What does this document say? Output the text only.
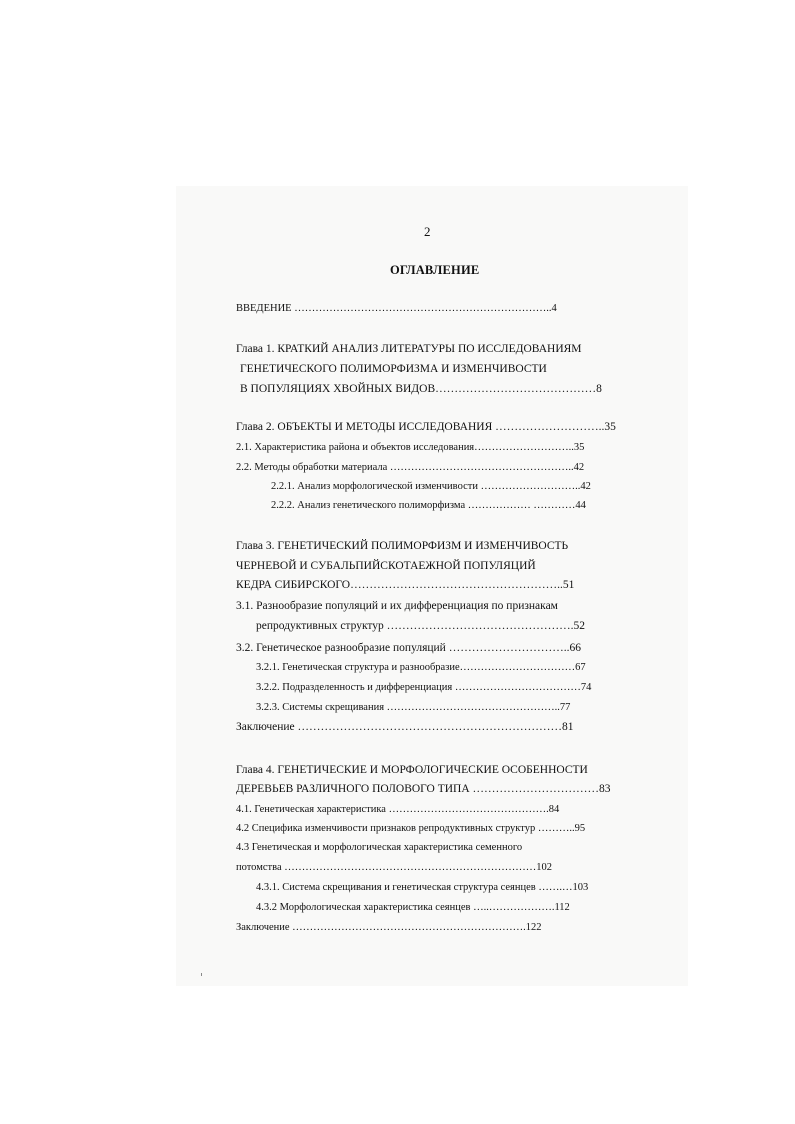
2
ОГЛАВЛЕНИЕ
ВВЕДЕНИЕ ………………………………………………………………..4
Глава 1. КРАТКИЙ АНАЛИЗ ЛИТЕРАТУРЫ ПО ИССЛЕДОВАНИЯМ
ГЕНЕТИЧЕСКОГО ПОЛИМОРФИЗМА И ИЗМЕНЧИВОСТИ
В ПОПУЛЯЦИЯХ ХВОЙНЫХ ВИДОВ……………………………………8
Глава 2. ОБЪЕКТЫ И МЕТОДЫ ИССЛЕДОВАНИЯ ………………………..35
2.1. Характеристика района и объектов исследования………………………..35
2.2. Методы обработки материала ……………………………………………..42
2.2.1. Анализ морфологической изменчивости ………………………..42
2.2.2. Анализ генетического полиморфизма ……………… …………44
Глава 3. ГЕНЕТИЧЕСКИЙ ПОЛИМОРФИЗМ И ИЗМЕНЧИВОСТЬ
ЧЕРНЕВОЙ И СУБАЛЬПИЙСКОТАЕЖНОЙ ПОПУЛЯЦИЙ
КЕДРА СИБИРСКОГО………………………………………………..51
3.1. Разнообразие популяций и их дифференциация по признакам
репродуктивных структур ………………………………………….52
3.2. Генетическое разнообразие популяций …………………………..66
3.2.1. Генетическая структура и разнообразие……………………………67
3.2.2. Подразделенность и дифференциация ………………………………74
3.2.3. Системы скрещивания …………………………………………..77
Заключение ……………………………………………………………81
Глава 4. ГЕНЕТИЧЕСКИЕ И МОРФОЛОГИЧЕСКИЕ ОСОБЕННОСТИ
ДЕРЕВЬЕВ РАЗЛИЧНОГО ПОЛОВОГО ТИПА ……………………………83
4.1. Генетическая характеристика ……………………………………….84
4.2 Специфика изменчивости признаков репродуктивных структур ………..95
4.3 Генетическая и морфологическая характеристика семенного
потомства ………………………………………………………………102
4.3.1. Система скрещивания и генетическая структура сеянцев …….…103
4.3.2 Морфологическая характеристика сеянцев …..……………….112
Заключение ………………………………………………………….122
